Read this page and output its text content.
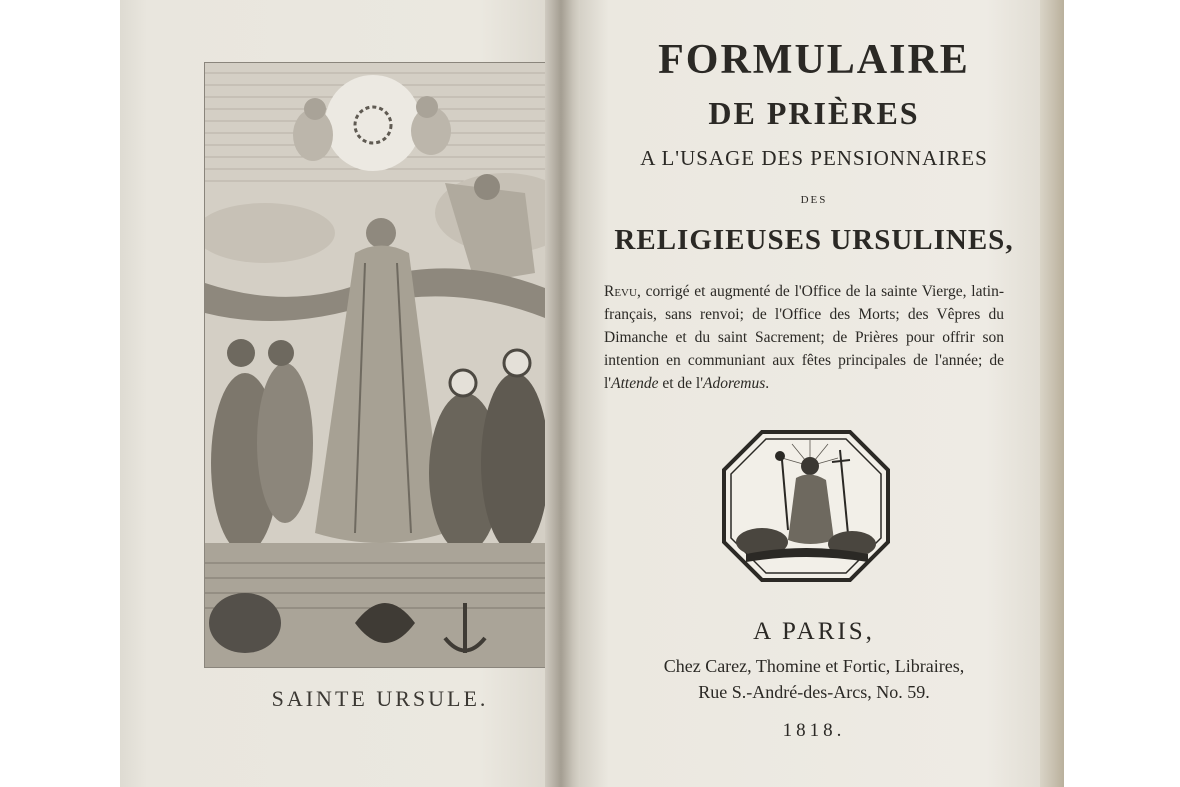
SAINTE URSULE.
FORMULAIRE
DE PRIÈRES
A L'USAGE DES PENSIONNAIRES
DES
RELIGIEUSES URSULINES,
Revu, corrigé et augmenté de l'Office de la sainte Vierge, latin-français, sans renvoi; de l'Office des Morts; des Vêpres du Dimanche et du saint Sacrement; de Prières pour offrir son intention en communiant aux fêtes principales de l'année; de l'Attende et de l'Adoremus.
A PARIS,
Chez Carez, Thomine et Fortic, Libraires,
Rue S.-André-des-Arcs, No. 59.
1818.
